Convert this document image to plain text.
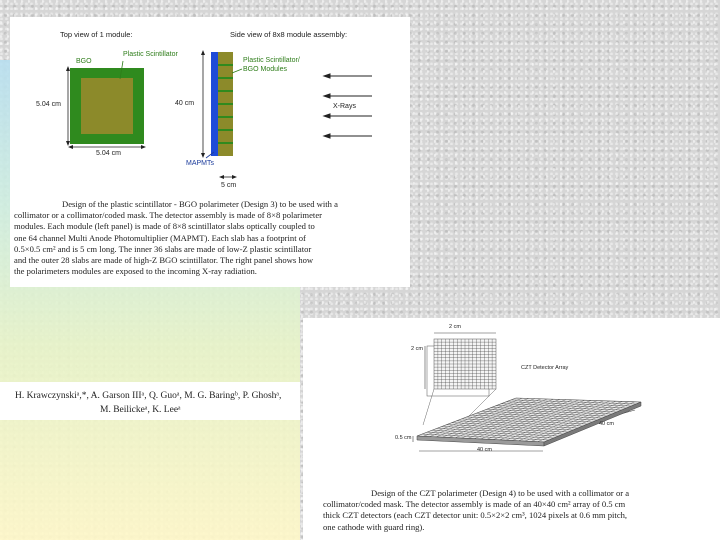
Top view of 1 module:	Side view of 8x8 module assembly:
BGO
Plastic Scintillator
5.04 cm
5.04 cm
Plastic Scintillator/
BGO Modules
40 cm	X-Rays
MAPMTs
5 cm
Design of the plastic scintillator - BGO polarimeter (Design 3) to be used with a
collimator or a collimator/coded mask. The detector assembly is made of 8×8 polarimeter
modules. Each module (left panel) is made of 8×8 scintillator slabs optically coupled to
one 64 channel Multi Anode Photomultiplier (MAPMT). Each slab has a footprint of
0.5×0.5 cm² and is 5 cm long. The inner 36 slabs are made of low-Z plastic scintillator
and the outer 28 slabs are made of high-Z BGO scintillator. The right panel shows how
the polarimeters modules are exposed to the incoming X-ray radiation.
H. Krawczynskiᵃ,*, A. Garson IIIᵃ, Q. Guoᵃ, M. G. Baringᵇ, P. Ghoshᵃ,
M. Beilickeᵃ, K. Leeᵃ
2 cm
2 cm
CZT Detector Array
0.5 cm
40 cm
40 cm
Design of the CZT polarimeter (Design 4) to be used with a collimator or a
collimator/coded mask. The detector assembly is made of an 40×40 cm² array of 0.5 cm
thick CZT detectors (each CZT detector unit: 0.5×2×2 cm³, 1024 pixels at 0.6 mm pitch,
one cathode with guard ring).
